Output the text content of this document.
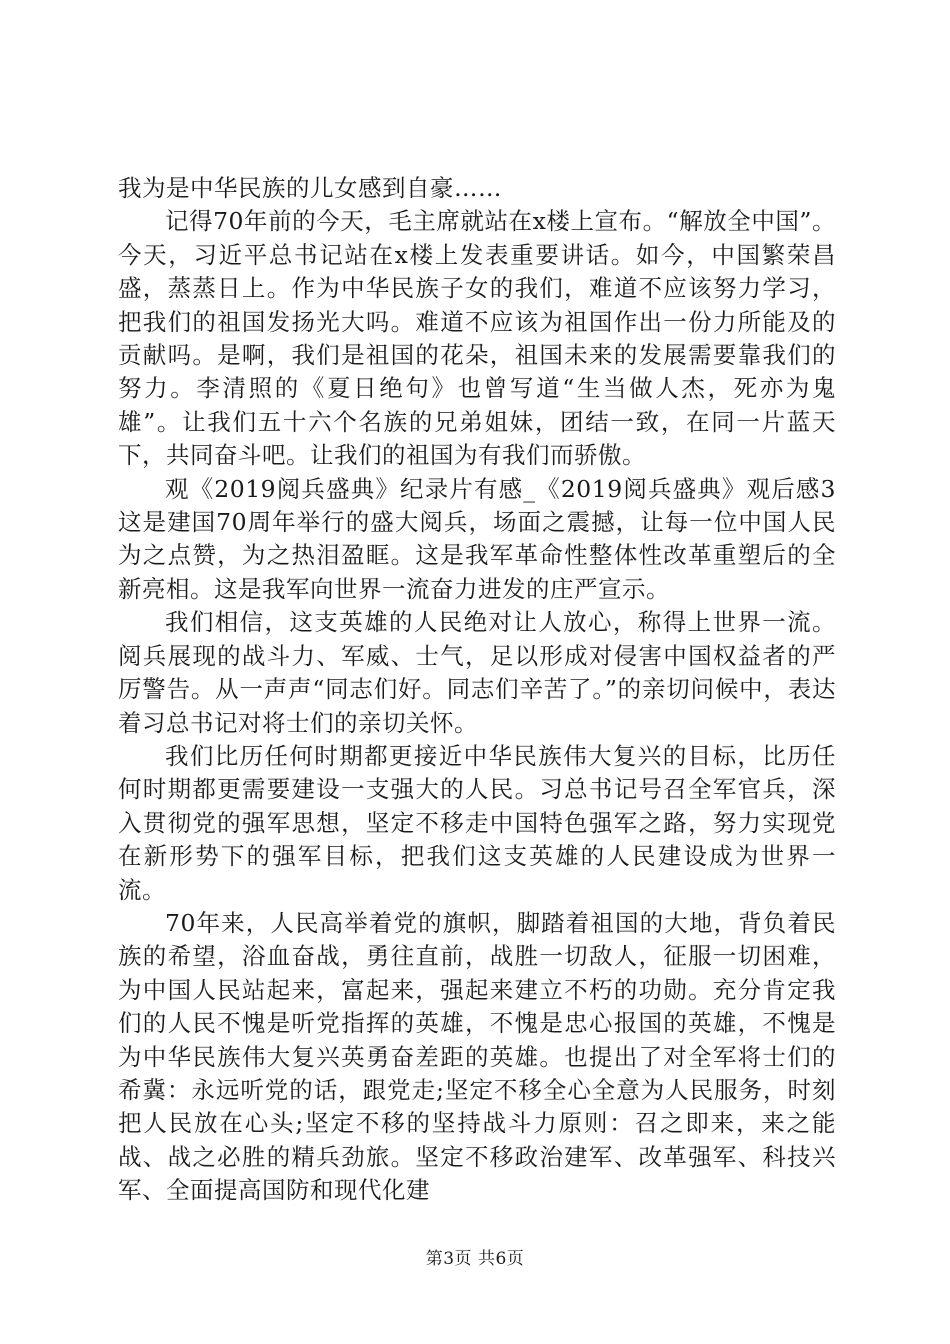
我为是中华民族的儿女感到自豪……

记得70年前的今天，毛主席就站在x楼上宣布。“解放全中国”。今天，习近平总书记站在x楼上发表重要讲话。如今，中国繁荣昌盛，蒸蒸日上。作为中华民族子女的我们，难道不应该努力学习，把我们的祖国发扬光大吗。难道不应该为祖国作出一份力所能及的贡献吗。是啊，我们是祖国的花朵，祖国未来的发展需要靠我们的努力。李清照的《夏日绝句》也曾写道“生当做人杰，死亦为鬼雄”。让我们五十六个名族的兄弟姐妹，团结一致，在同一片蓝天下，共同奋斗吧。让我们的祖国为有我们而骄傲。

观《2019阅兵盛典》纪录片有感_《2019阅兵盛典》观后感3这是建国70周年举行的盛大阅兵，场面之震撼，让每一位中国人民为之点赞，为之热泪盈眶。这是我军革命性整体性改革重塑后的全新亮相。这是我军向世界一流奋力进发的庄严宣示。

我们相信，这支英雄的人民绝对让人放心，称得上世界一流。阅兵展现的战斗力、军威、士气，足以形成对侵害中国权益者的严厉警告。从一声声“同志们好。同志们辛苦了。”的亲切问候中，表达着习总书记对将士们的亲切关怀。

我们比历任何时期都更接近中华民族伟大复兴的目标，比历任何时期都更需要建设一支强大的人民。习总书记号召全军官兵，深入贯彻党的强军思想，坚定不移走中国特色强军之路，努力实现党在新形势下的强军目标，把我们这支英雄的人民建设成为世界一流。

70年来，人民高举着党的旗帜，脚踏着祖国的大地，背负着民族的希望，浴血奋战，勇往直前，战胜一切敌人，征服一切困难，为中国人民站起来，富起来，强起来建立不朽的功勋。充分肯定我们的人民不愧是听党指挥的英雄，不愧是忠心报国的英雄，不愧是为中华民族伟大复兴英勇奋差距的英雄。也提出了对全军将士们的希冀：永远听党的话，跟党走;坚定不移全心全意为人民服务，时刻把人民放在心头;坚定不移的坚持战斗力原则：召之即来，来之能战、战之必胜的精兵劲旅。坚定不移政治建军、改革强军、科技兴军、全面提高国防和现代化建

第3页 共6页
